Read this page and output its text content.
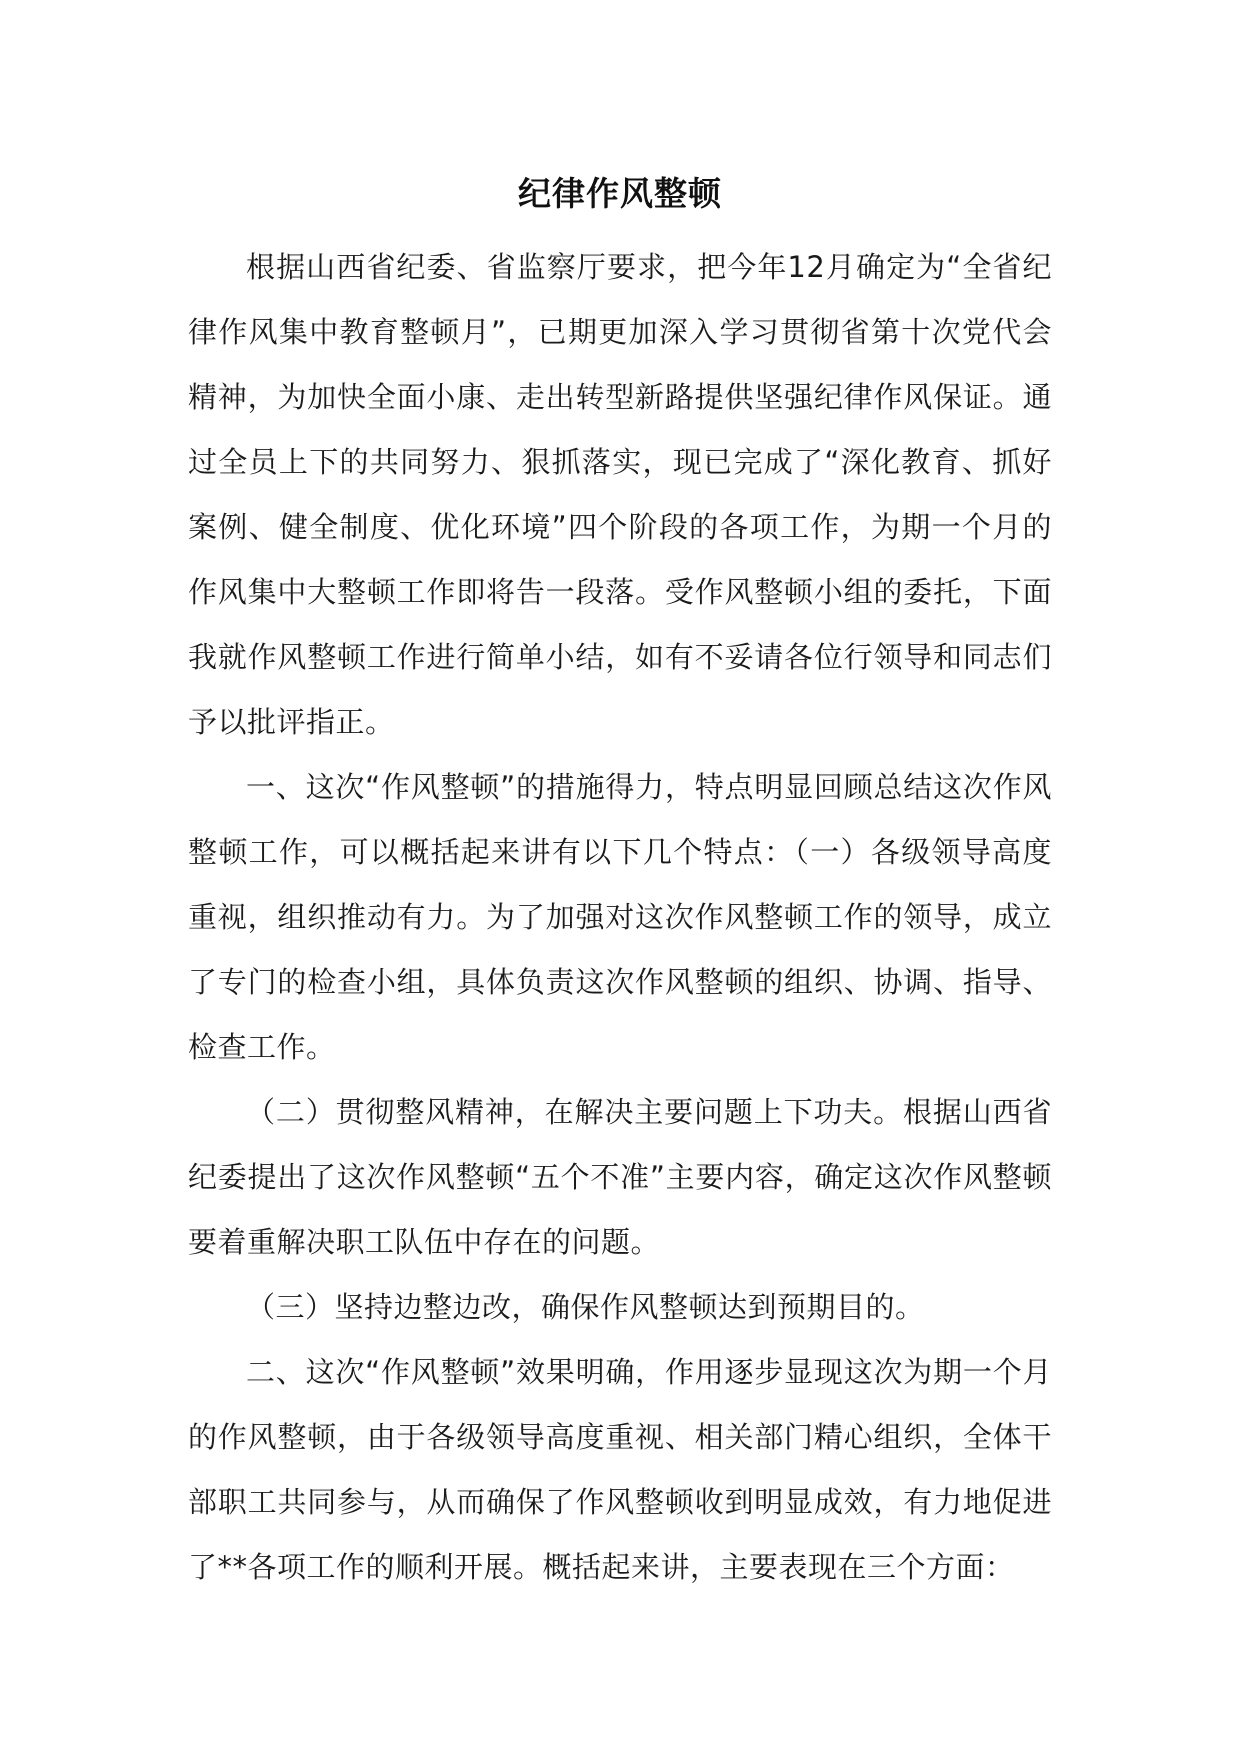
纪律作风整顿

根据山西省纪委、省监察厅要求，把今年12月确定为“全省纪律作风集中教育整顿月”，已期更加深入学习贯彻省第十次党代会精神，为加快全面小康、走出转型新路提供坚强纪律作风保证。通过全员上下的共同努力、狠抓落实，现已完成了“深化教育、抓好案例、健全制度、优化环境”四个阶段的各项工作，为期一个月的作风集中大整顿工作即将告一段落。受作风整顿小组的委托，下面我就作风整顿工作进行简单小结，如有不妥请各位行领导和同志们予以批评指正。

一、这次“作风整顿”的措施得力，特点明显回顾总结这次作风整顿工作，可以概括起来讲有以下几个特点：（一）各级领导高度重视，组织推动有力。为了加强对这次作风整顿工作的领导，成立了专门的检查小组，具体负责这次作风整顿的组织、协调、指导、检查工作。

（二）贯彻整风精神，在解决主要问题上下功夫。根据山西省纪委提出了这次作风整顿“五个不准”主要内容，确定这次作风整顿要着重解决职工队伍中存在的问题。

（三）坚持边整边改，确保作风整顿达到预期目的。

二、这次“作风整顿”效果明确，作用逐步显现这次为期一个月的作风整顿，由于各级领导高度重视、相关部门精心组织，全体干部职工共同参与，从而确保了作风整顿收到明显成效，有力地促进了**各项工作的顺利开展。概括起来讲，主要表现在三个方面：
